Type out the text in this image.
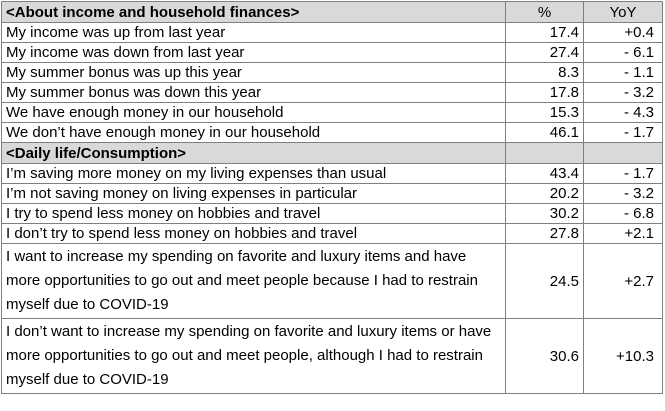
<About income and household finances>	%	YoY
My income was up from last year	17.4	+0.4
My income was down from last year	27.4	- 6.1
My summer bonus was up this year	8.3	- 1.1
My summer bonus was down this year	17.8	- 3.2
We have enough money in our household	15.3	- 4.3
We don’t have enough money in our household	46.1	- 1.7
<Daily life/Consumption>		
I’m saving more money on my living expenses than usual	43.4	- 1.7
I’m not saving money on living expenses in particular	20.2	- 3.2
I try to spend less money on hobbies and travel	30.2	- 6.8
I don’t try to spend less money on hobbies and travel	27.8	+2.1
I want to increase my spending on favorite and luxury items and have more opportunities to go out and meet people because I had to restrain myself due to COVID-19	24.5	+2.7
I don’t want to increase my spending on favorite and luxury items or have more opportunities to go out and meet people, although I had to restrain myself due to COVID-19	30.6	+10.3
